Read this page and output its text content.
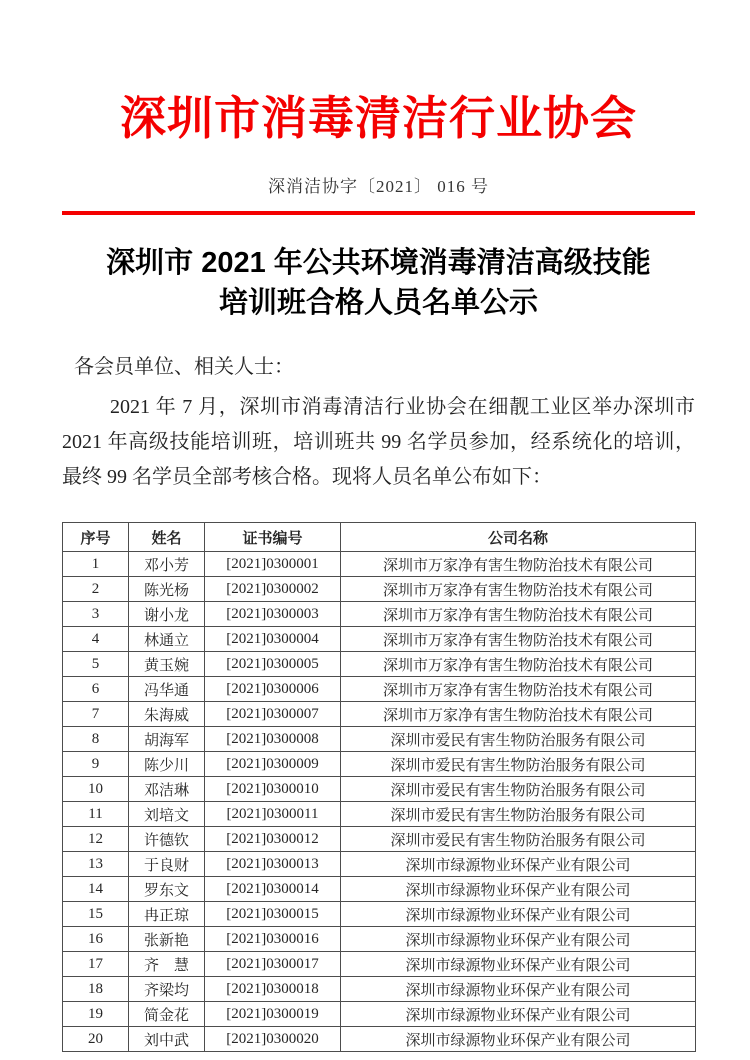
深圳市消毒清洁行业协会
深消洁协字〔2021〕 016 号
深圳市 2021 年公共环境消毒清洁高级技能
培训班合格人员名单公示
各会员单位、相关人士：
2021 年 7 月，深圳市消毒清洁行业协会在细靓工业区举办深圳市 2021 年高级技能培训班，培训班共 99 名学员参加，经系统化的培训，最终 99 名学员全部考核合格。现将人员名单公布如下：
序号	姓名	证书编号	公司名称
1	邓小芳	[2021]0300001	深圳市万家净有害生物防治技术有限公司
2	陈光杨	[2021]0300002	深圳市万家净有害生物防治技术有限公司
3	谢小龙	[2021]0300003	深圳市万家净有害生物防治技术有限公司
4	林通立	[2021]0300004	深圳市万家净有害生物防治技术有限公司
5	黄玉婉	[2021]0300005	深圳市万家净有害生物防治技术有限公司
6	冯华通	[2021]0300006	深圳市万家净有害生物防治技术有限公司
7	朱海威	[2021]0300007	深圳市万家净有害生物防治技术有限公司
8	胡海军	[2021]0300008	深圳市爱民有害生物防治服务有限公司
9	陈少川	[2021]0300009	深圳市爱民有害生物防治服务有限公司
10	邓洁琳	[2021]0300010	深圳市爱民有害生物防治服务有限公司
11	刘培文	[2021]0300011	深圳市爱民有害生物防治服务有限公司
12	许德钦	[2021]0300012	深圳市爱民有害生物防治服务有限公司
13	于良财	[2021]0300013	深圳市绿源物业环保产业有限公司
14	罗东文	[2021]0300014	深圳市绿源物业环保产业有限公司
15	冉正琼	[2021]0300015	深圳市绿源物业环保产业有限公司
16	张新艳	[2021]0300016	深圳市绿源物业环保产业有限公司
17	齐　慧	[2021]0300017	深圳市绿源物业环保产业有限公司
18	齐梁均	[2021]0300018	深圳市绿源物业环保产业有限公司
19	简金花	[2021]0300019	深圳市绿源物业环保产业有限公司
20	刘中武	[2021]0300020	深圳市绿源物业环保产业有限公司
